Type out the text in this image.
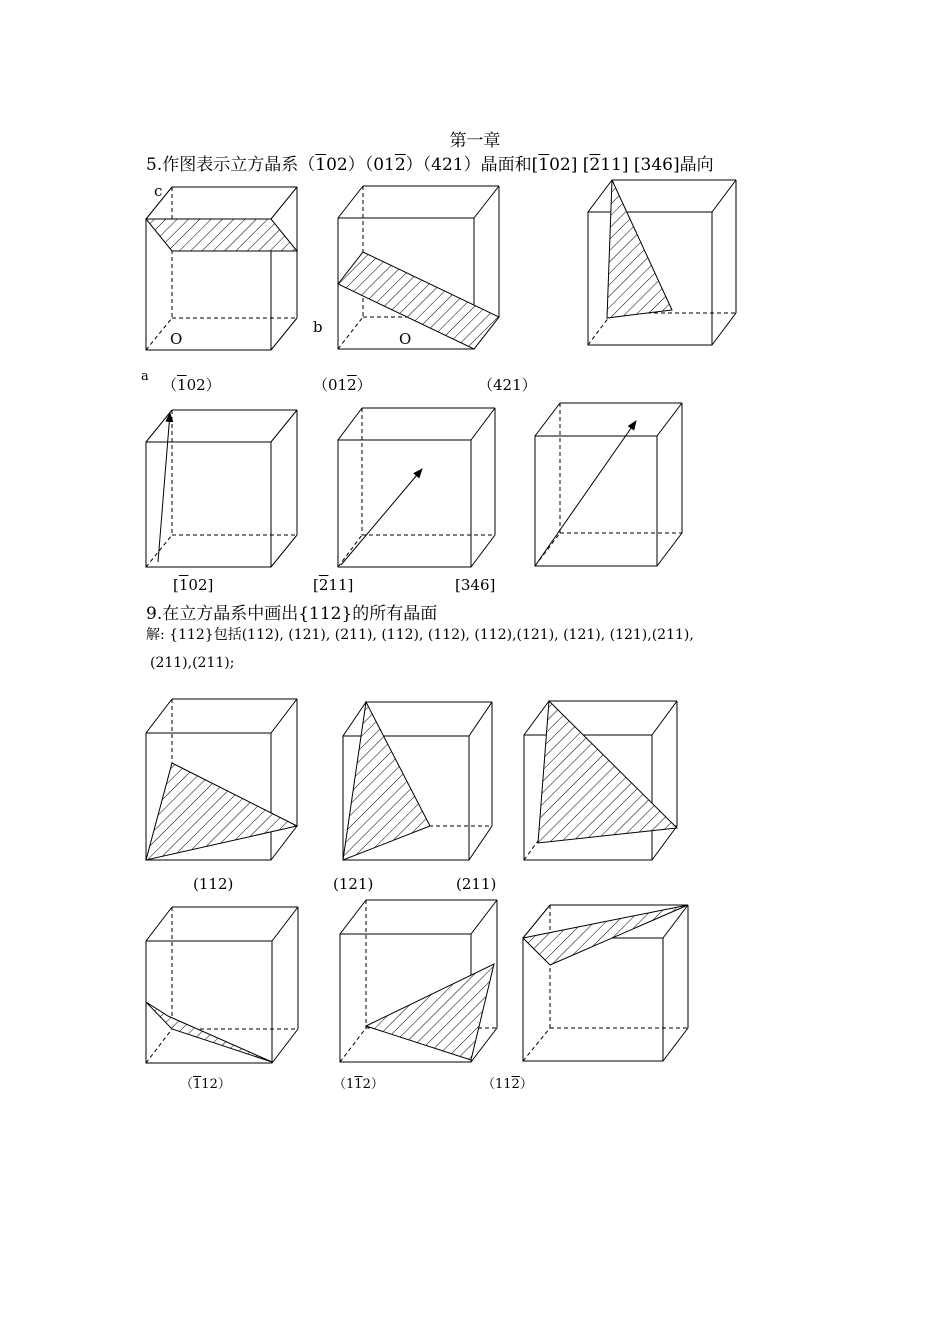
第一章
5.作图表示立方晶系（102）（012）（421）晶面和[102] [211] [346]晶向
c
b
a
O	O
（102）	（012）	（421）
[102]	[211]	[346]
9.在立方晶系中画出{112}的所有晶面
解: {112}包括(112), (121), (211), (112), (112), (112),(121), (121), (121),(211),
(211),(211);
(112)	(121)	(211)
（112）	（112）	（112）
